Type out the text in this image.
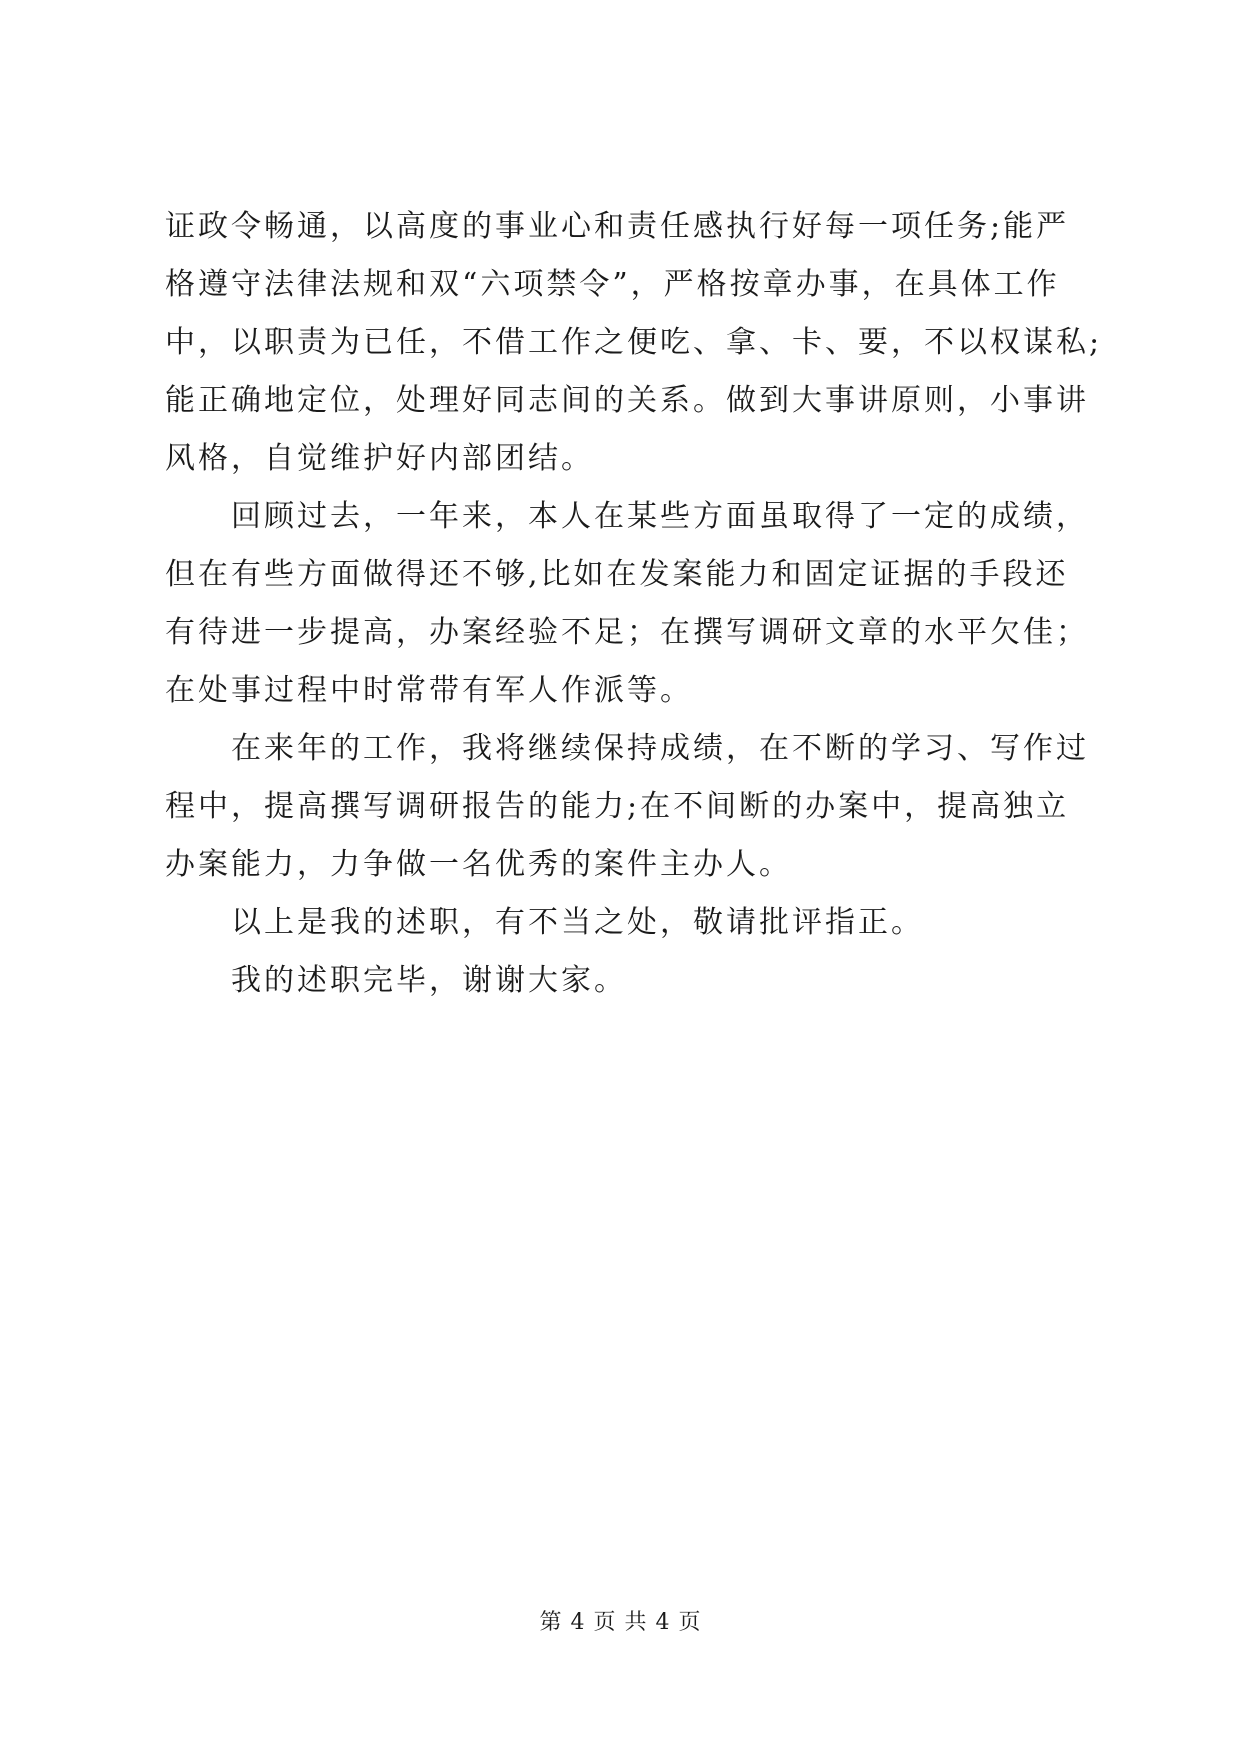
证政令畅通，以高度的事业心和责任感执行好每一项任务;能严
格遵守法律法规和双“六项禁令”，严格按章办事，在具体工作
中，以职责为已任，不借工作之便吃、拿、卡、要，不以权谋私;
能正确地定位，处理好同志间的关系。做到大事讲原则，小事讲
风格，自觉维护好内部团结。
回顾过去，一年来，本人在某些方面虽取得了一定的成绩，
但在有些方面做得还不够,比如在发案能力和固定证据的手段还
有待进一步提高，办案经验不足；在撰写调研文章的水平欠佳；
在处事过程中时常带有军人作派等。
在来年的工作，我将继续保持成绩，在不断的学习、写作过
程中，提高撰写调研报告的能力;在不间断的办案中，提高独立
办案能力，力争做一名优秀的案件主办人。
以上是我的述职，有不当之处，敬请批评指正。
我的述职完毕，谢谢大家。
第 4 页 共 4 页
